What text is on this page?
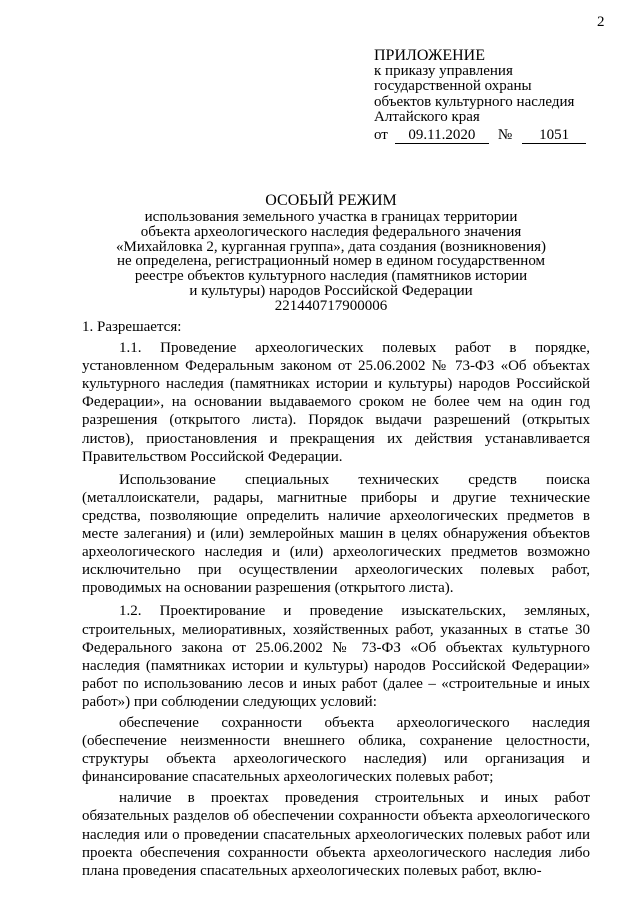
2
ПРИЛОЖЕНИЕ
к приказу управления
государственной охраны
объектов культурного наследия
Алтайского края
от	09.11.2020	№	1051
ОСОБЫЙ РЕЖИМ
использования земельного участка в границах территории
объекта археологического наследия федерального значения
«Михайловка 2, курганная группа», дата создания (возникновения)
не определена, регистрационный номер в едином государственном
реестре объектов культурного наследия (памятников истории
и культуры) народов Российской Федерации
221440717900006

1. Разрешается:

1.1. Проведение археологических полевых работ в порядке, установленном Федеральным законом от 25.06.2002 № 73-ФЗ «Об объектах культурного наследия (памятниках истории и культуры) народов Российской Федерации», на основании выдаваемого сроком не более чем на один год разрешения (открытого листа). Порядок выдачи разрешений (открытых листов), приостановления и прекращения их действия устанавливается Правительством Российской Федерации.

Использование специальных технических средств поиска (металлоискатели, радары, магнитные приборы и другие технические средства, позволяющие определить наличие археологических предметов в месте залегания) и (или) землеройных машин в целях обнаружения объектов археологического наследия и (или) археологических предметов возможно исключительно при осуществлении археологических полевых работ, проводимых на основании разрешения (открытого листа).

1.2. Проектирование и проведение изыскательских, земляных, строительных, мелиоративных, хозяйственных работ, указанных в статье 30 Федерального закона от 25.06.2002 № 73-ФЗ «Об объектах культурного наследия (памятниках истории и культуры) народов Российской Федерации» работ по использованию лесов и иных работ (далее – «строительные и иных работ») при соблюдении следующих условий:

обеспечение сохранности объекта археологического наследия (обеспечение неизменности внешнего облика, сохранение целостности, структуры объекта археологического наследия) или организация и финансирование спасательных археологических полевых работ;

наличие в проектах проведения строительных и иных работ обязательных разделов об обеспечении сохранности объекта археологического наследия или о проведении спасательных археологических полевых работ или проекта обеспечения сохранности объекта археологического наследия либо плана проведения спасательных археологических полевых работ, вклю-
